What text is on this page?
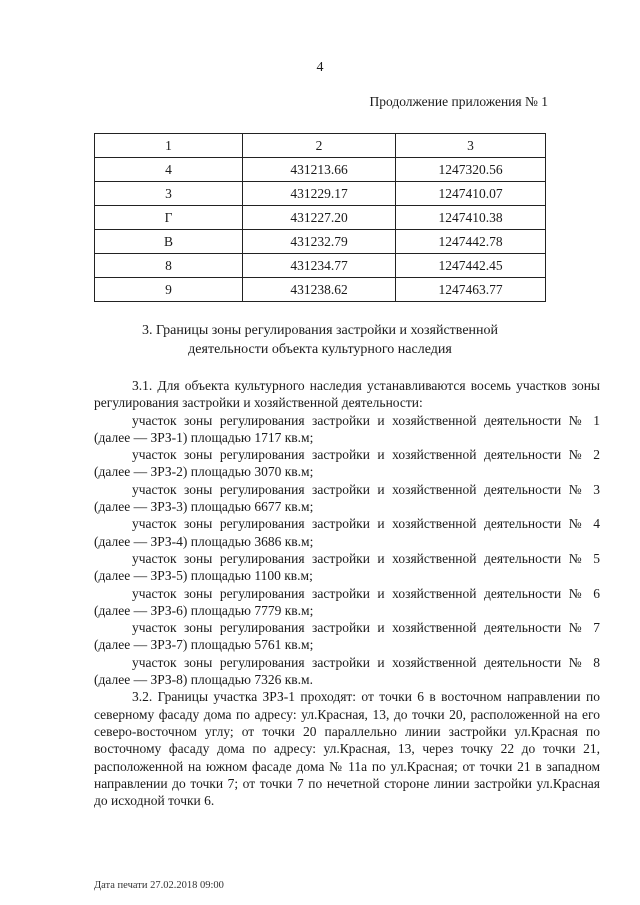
4
Продолжение приложения № 1
1	2	3
4	431213.66	1247320.56
3	431229.17	1247410.07
Г	431227.20	1247410.38
В	431232.79	1247442.78
8	431234.77	1247442.45
9	431238.62	1247463.77
3. Границы зоны регулирования застройки и хозяйственной
деятельности объекта культурного наследия

3.1. Для объекта культурного наследия устанавливаются восемь участков зоны регулирования застройки и хозяйственной деятельности:

участок зоны регулирования застройки и хозяйственной деятельности № 1 (далее — ЗРЗ-1) площадью 1717 кв.м;

участок зоны регулирования застройки и хозяйственной деятельности № 2 (далее — ЗРЗ-2) площадью 3070 кв.м;

участок зоны регулирования застройки и хозяйственной деятельности № 3 (далее — ЗРЗ-3) площадью 6677 кв.м;

участок зоны регулирования застройки и хозяйственной деятельности № 4 (далее — ЗРЗ-4) площадью 3686 кв.м;

участок зоны регулирования застройки и хозяйственной деятельности № 5 (далее — ЗРЗ-5) площадью 1100 кв.м;

участок зоны регулирования застройки и хозяйственной деятельности № 6 (далее — ЗРЗ-6) площадью 7779 кв.м;

участок зоны регулирования застройки и хозяйственной деятельности № 7 (далее — ЗРЗ-7) площадью 5761 кв.м;

участок зоны регулирования застройки и хозяйственной деятельности № 8 (далее — ЗРЗ-8) площадью 7326 кв.м.

3.2. Границы участка ЗРЗ-1 проходят: от точки 6 в восточном направлении по северному фасаду дома по адресу: ул.Красная, 13, до точки 20, расположенной на его северо-восточном углу; от точки 20 параллельно линии застройки ул.Красная по восточному фасаду дома по адресу: ул.Красная, 13, через точку 22 до точки 21, расположенной на южном фасаде дома № 11а по ул.Красная; от точки 21 в западном направлении до точки 7; от точки 7 по нечетной стороне линии застройки ул.Красная до исходной точки 6.

Дата печати 27.02.2018 09:00
